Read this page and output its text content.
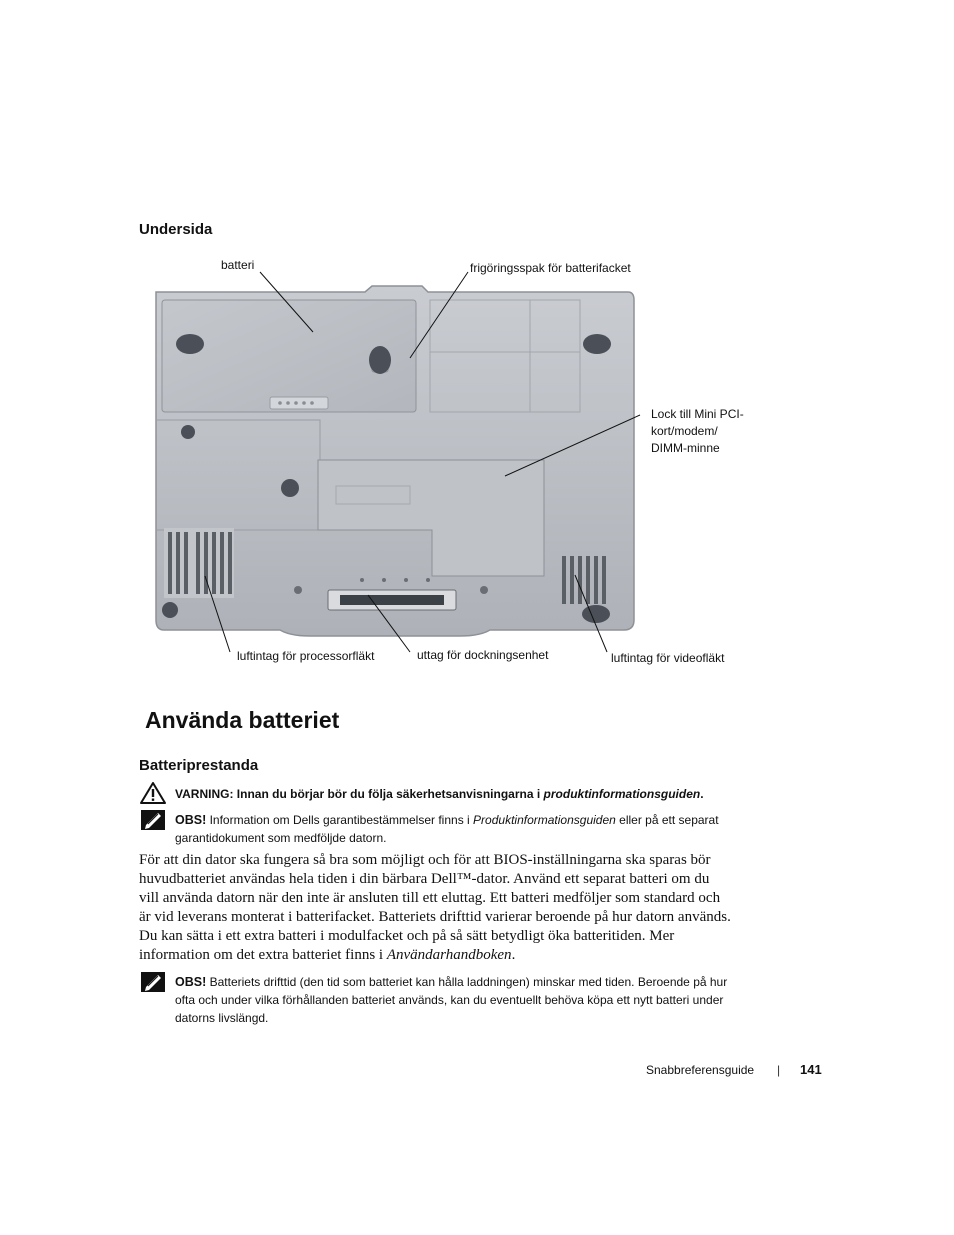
Undersida
batteri	frigöringsspak för batterifacket
Lock till Mini PCI-
kort/modem/
DIMM-minne
luftintag för processorfläkt	uttag för dockningsenhet	luftintag för videofläkt
Använda batteriet
Batteriprestanda
VARNING: Innan du börjar bör du följa säkerhetsanvisningarna i produktinformationsguiden.
OBS! Information om Dells garantibestämmelser finns i Produktinformationsguiden eller på ett separat
garantidokument som medföljde datorn.
För att din dator ska fungera så bra som möjligt och för att BIOS-inställningarna ska sparas bör
huvudbatteriet användas hela tiden i din bärbara Dell™-dator. Använd ett separat batteri om du
vill använda datorn när den inte är ansluten till ett eluttag. Ett batteri medföljer som standard och
är vid leverans monterat i batterifacket. Batteriets drifttid varierar beroende på hur datorn används.
Du kan sätta i ett extra batteri i modulfacket och på så sätt betydligt öka batteritiden. Mer
information om det extra batteriet finns i Användarhandboken.
OBS! Batteriets drifttid (den tid som batteriet kan hålla laddningen) minskar med tiden. Beroende på hur
ofta och under vilka förhållanden batteriet används, kan du eventuellt behöva köpa ett nytt batteri under
datorns livslängd.
Snabbreferensguide | 141
